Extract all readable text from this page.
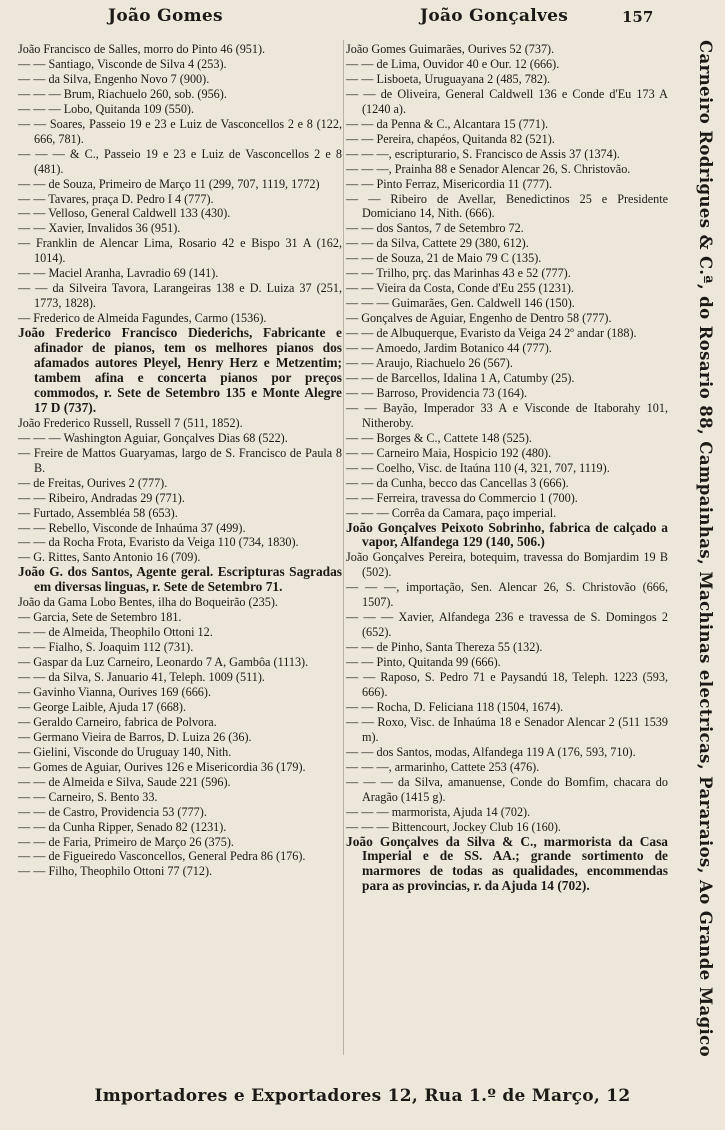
João Gomes	João Gonçalves	157

João Francisco de Salles, morro do Pinto 46 (951).

— — Santiago, Visconde de Silva 4 (253).

— — da Silva, Engenho Novo 7 (900).

— — — Brum, Riachuelo 260, sob. (956).

— — — Lobo, Quitanda 109 (550).

— — Soares, Passeio 19 e 23 e Luiz de Vasconcellos 2 e 8 (122, 666, 781).

— — — & C., Passeio 19 e 23 e Luiz de Vasconcellos 2 e 8 (481).

— — de Souza, Primeiro de Março 11 (299, 707, 1119, 1772)

— — Tavares, praça D. Pedro I 4 (777).

— — Velloso, General Caldwell 133 (430).

— — Xavier, Invalidos 36 (951).

— Franklin de Alencar Lima, Rosario 42 e Bispo 31 A (162, 1014).

— — Maciel Aranha, Lavradio 69 (141).

— — da Silveira Tavora, Larangeiras 138 e D. Luiza 37 (251, 1773, 1828).

— Frederico de Almeida Fagundes, Carmo (1536).

João Frederico Francisco Diederichs, Fabricante e afinador de pianos, tem os melhores pianos dos afamados autores Pleyel, Henry Herz e Metzentim; tambem afina e concerta pianos por preços commodos, r. Sete de Setembro 135 e Monte Alegre 17 D (737).

João Frederico Russell, Russell 7 (511, 1852).

— — — Washington Aguiar, Gonçalves Dias 68 (522).

— Freire de Mattos Guaryamas, largo de S. Francisco de Paula 8 B.

— de Freitas, Ourives 2 (777).

— — Ribeiro, Andradas 29 (771).

— Furtado, Assembléa 58 (653).

— — Rebello, Visconde de Inhaúma 37 (499).

— — da Rocha Frota, Evaristo da Veiga 110 (734, 1830).

— G. Rittes, Santo Antonio 16 (709).

João G. dos Santos, Agente geral. Escripturas Sagradas em diversas linguas, r. Sete de Setembro 71.

João da Gama Lobo Bentes, ilha do Boqueirão (235).

— Garcia, Sete de Setembro 181.

— — de Almeida, Theophilo Ottoni 12.

— — Fialho, S. Joaquim 112 (731).

— Gaspar da Luz Carneiro, Leonardo 7 A, Gambôa (1113).

— — da Silva, S. Januario 41, Teleph. 1009 (511).

— Gavinho Vianna, Ourives 169 (666).

— George Laible, Ajuda 17 (668).

— Geraldo Carneiro, fabrica de Polvora.

— Germano Vieira de Barros, D. Luiza 26 (36).

— Gielini, Visconde do Uruguay 140, Nith.

— Gomes de Aguiar, Ourives 126 e Misericordia 36 (179).

— — de Almeida e Silva, Saude 221 (596).

— — Carneiro, S. Bento 33.

— — de Castro, Providencia 53 (777).

— — da Cunha Ripper, Senado 82 (1231).

— — de Faria, Primeiro de Março 26 (375).

— — de Figueiredo Vasconcellos, General Pedra 86 (176).

— — Filho, Theophilo Ottoni 77 (712).

João Gomes Guimarães, Ourives 52 (737).

— — de Lima, Ouvidor 40 e Our. 12 (666).

— — Lisboeta, Uruguayana 2 (485, 782).

— — de Oliveira, General Caldwell 136 e Conde d'Eu 173 A (1240 a).

— — da Penna & C., Alcantara 15 (771).

— — Pereira, chapéos, Quitanda 82 (521).

— — —, escripturario, S. Francisco de Assis 37 (1374).

— — —, Prainha 88 e Senador Alencar 26, S. Christovão.

— — Pinto Ferraz, Misericordia 11 (777).

— — Ribeiro de Avellar, Benedictinos 25 e Presidente Domiciano 14, Nith. (666).

— — dos Santos, 7 de Setembro 72.

— — da Silva, Cattete 29 (380, 612).

— — de Souza, 21 de Maio 79 C (135).

— — Trilho, prç. das Marinhas 43 e 52 (777).

— — Vieira da Costa, Conde d'Eu 255 (1231).

— — — Guimarães, Gen. Caldwell 146 (150).

— Gonçalves de Aguiar, Engenho de Dentro 58 (777).

— — de Albuquerque, Evaristo da Veiga 24 2º andar (188).

— — Amoedo, Jardim Botanico 44 (777).

— — Araujo, Riachuelo 26 (567).

— — de Barcellos, Idalina 1 A, Catumby (25).

— — Barroso, Providencia 73 (164).

— — Bayão, Imperador 33 A e Visconde de Itaborahy 101, Nitheroby.

— — Borges & C., Cattete 148 (525).

— — Carneiro Maia, Hospicio 192 (480).

— — Coelho, Visc. de Itaúna 110 (4, 321, 707, 1119).

— — da Cunha, becco das Cancellas 3 (666).

— — Ferreira, travessa do Commercio 1 (700).

— — — Corrêa da Camara, paço imperial.

João Gonçalves Peixoto Sobrinho, fabrica de calçado a vapor, Alfandega 129 (140, 506.)

João Gonçalves Pereira, botequim, travessa do Bomjardim 19 B (502).

— — —, importação, Sen. Alencar 26, S. Christovão (666, 1507).

— — — Xavier, Alfandega 236 e travessa de S. Domingos 2 (652).

— — de Pinho, Santa Thereza 55 (132).

— — Pinto, Quitanda 99 (666).

— — Raposo, S. Pedro 71 e Paysandú 18, Teleph. 1223 (593, 666).

— — Rocha, D. Feliciana 118 (1504, 1674).

— — Roxo, Visc. de Inhaúma 18 e Senador Alencar 2 (511 1539 m).

— — dos Santos, modas, Alfandega 119 A (176, 593, 710).

— — —, armarinho, Cattete 253 (476).

— — — da Silva, amanuense, Conde do Bomfim, chacara do Aragão (1415 g).

— — — marmorista, Ajuda 14 (702).

— — — Bittencourt, Jockey Club 16 (160).

João Gonçalves da Silva & C., marmorista da Casa Imperial e de SS. AA.; grande sortimento de marmores de todas as qualidades, encommendas para as provincias, r. da Ajuda 14 (702).	Carneiro Rodrigues & C.ª, do Rosario 88, Campainhas, Machinas electricas, Pararaios, Ao Grande Magico
Importadores e Exportadores 12, Rua 1.º de Março, 12
